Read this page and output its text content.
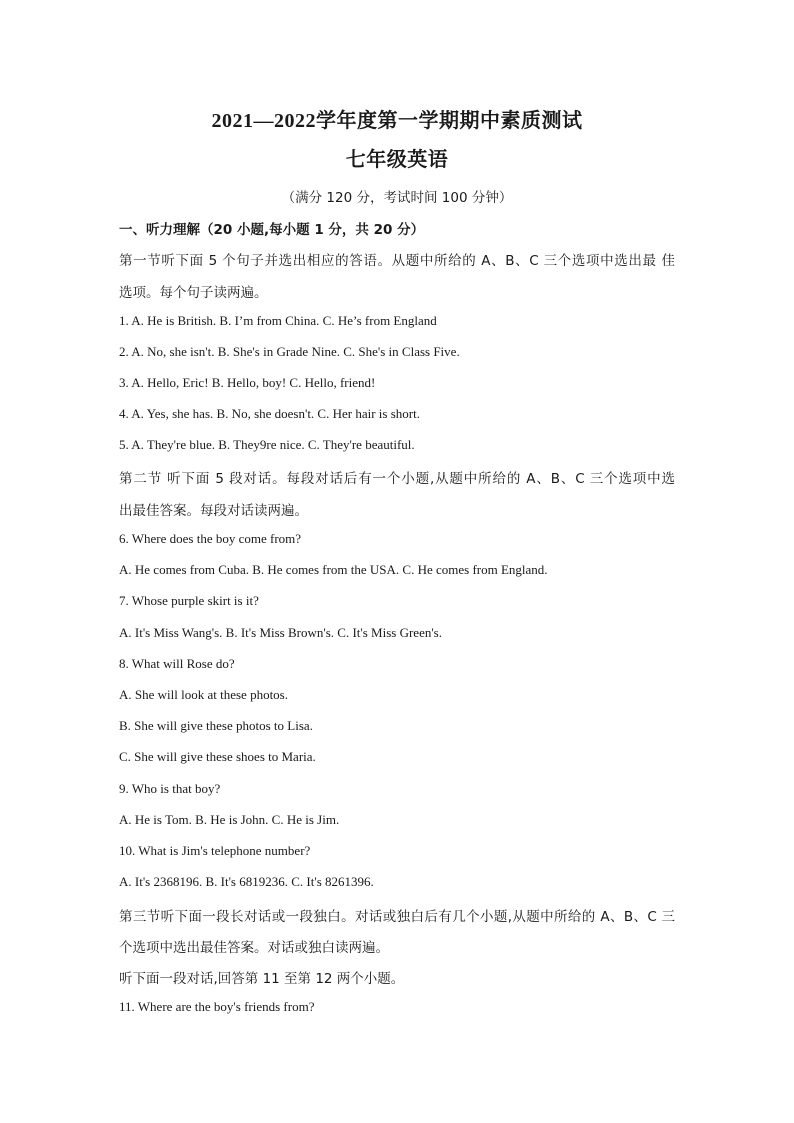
2021—2022学年度第一学期期中素质测试
七年级英语
（满分 120 分，考试时间 100 分钟）
一、听力理解（20 小题,每小题 1 分，共 20 分）
第一节听下面 5 个句子并选出相应的答语。从题中所给的 A、B、C 三个选项中选出最 佳
选项。每个句子读两遍。
1. A. He is British. B. I’m from China. C. He’s from England
2. A. No, she isn't. B. She's in Grade Nine. C. She's in Class Five.
3. A. Hello, Eric! B. Hello, boy! C. Hello, friend!
4. A. Yes, she has. B. No, she doesn't. C. Her hair is short.
5. A. They're blue. B. They9re nice. C. They're beautiful.
第二节 听下面 5 段对话。每段对话后有一个小题,从题中所给的 A、B、C 三个选项中选
出最佳答案。每段对话读两遍。
6. Where does the boy come from?
A. He comes from Cuba. B. He comes from the USA. C. He comes from England.
7. Whose purple skirt is it?
A. It's Miss Wang's. B. It's Miss Brown's. C. It's Miss Green's.
8. What will Rose do?
A. She will look at these photos.
B. She will give these photos to Lisa.
C. She will give these shoes to Maria.
9. Who is that boy?
A. He is Tom. B. He is John. C. He is Jim.
10. What is Jim's telephone number?
A. It's 2368196. B. It's 6819236. C. It's 8261396.
第三节听下面一段长对话或一段独白。对话或独白后有几个小题,从题中所给的 A、B、C 三
个选项中选出最佳答案。对话或独白读两遍。
听下面一段对话,回答第 11 至第 12 两个小题。
11. Where are the boy's friends from?
